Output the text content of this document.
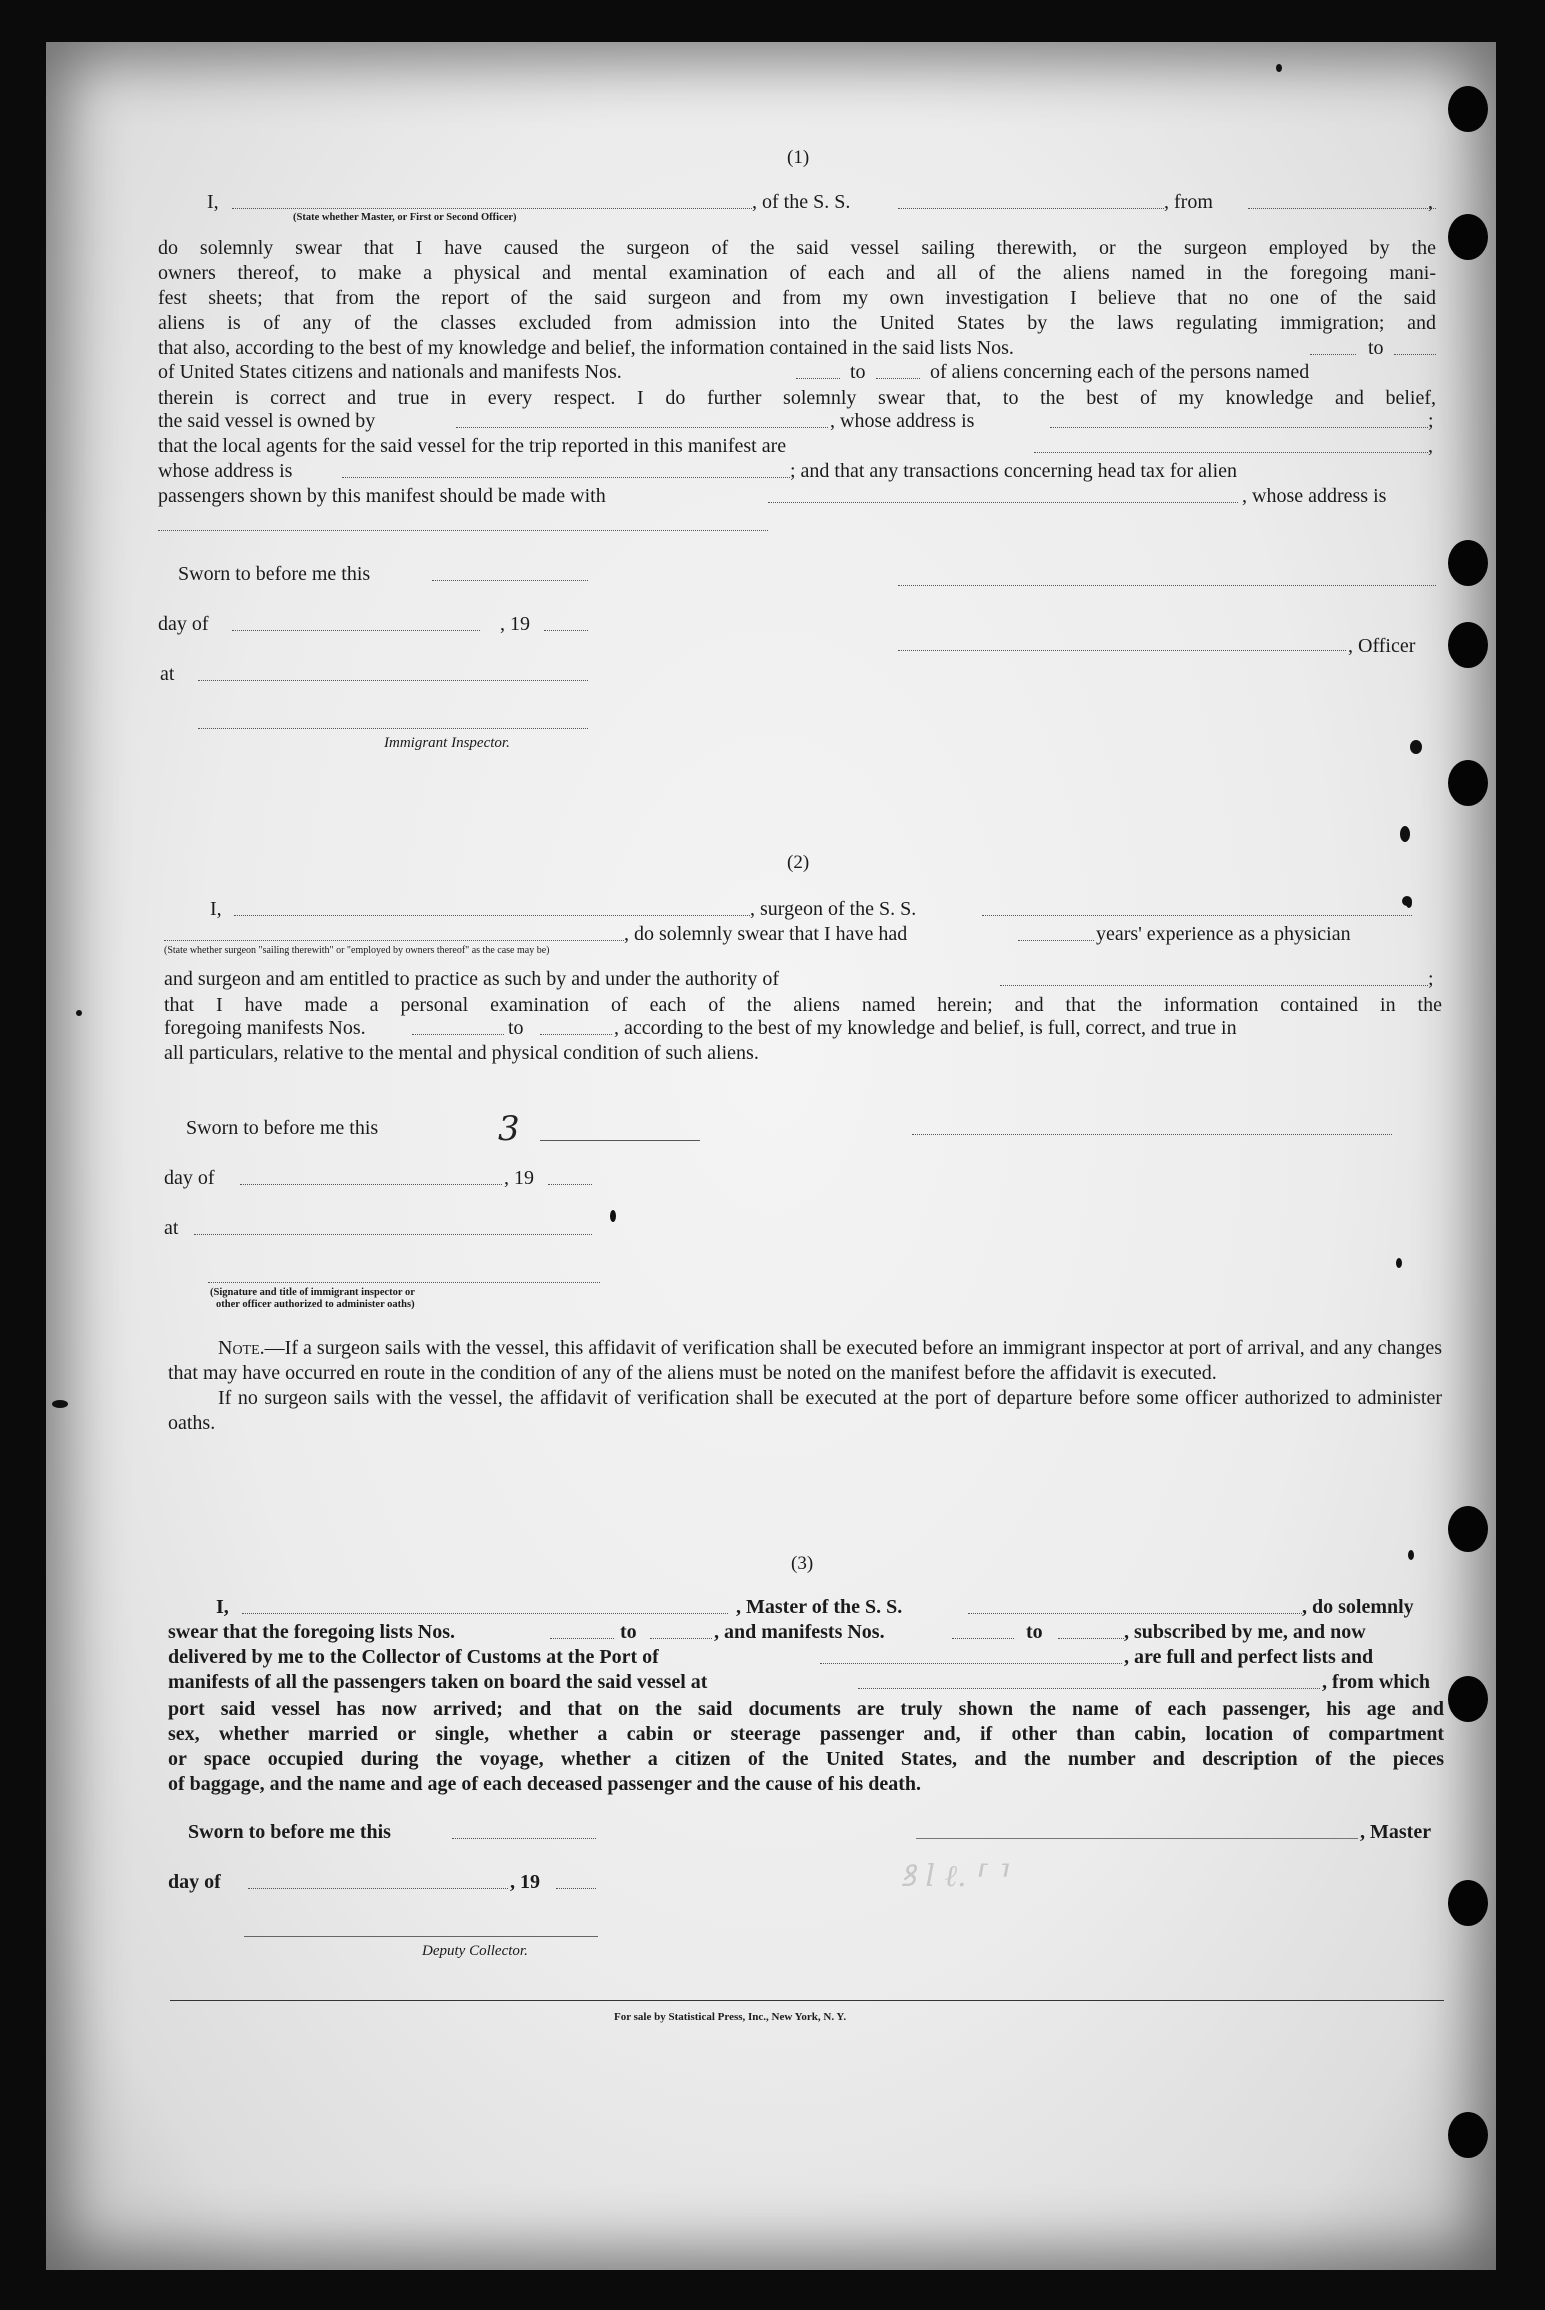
(1)
I,
(State whether Master, or First or Second Officer)
, of the S. S.	, from	,

do solemnly swear that I have caused the surgeon of the said vessel sailing therewith, or the surgeon employed by the

owners thereof, to make a physical and mental examination of each and all of the aliens named in the foregoing mani-

fest sheets; that from the report of the said surgeon and from my own investigation I believe that no one of the said

aliens is of any of the classes excluded from admission into the United States by the laws regulating immigration; and

that also, according to the best of my knowledge and belief, the information contained in the said lists Nos.	to
of United States citizens and nationals and manifests Nos.	to	of aliens concerning each of the persons named

therein is correct and true in every respect. I do further solemnly swear that, to the best of my knowledge and belief,

the said vessel is owned by	, whose address is	;
that the local agents for the said vessel for the trip reported in this manifest are	,
whose address is	; and that any transactions concerning head tax for alien
passengers shown by this manifest should be made with	, whose address is
Sworn to before me this
day of	, 19
, Officer
at
Immigrant Inspector.
(2)
I,	, surgeon of the S. S.
, do solemnly swear that I have had	years' experience as a physician
(State whether surgeon "sailing therewith" or "employed by owners thereof" as the case may be)
and surgeon and am entitled to practice as such by and under the authority of	;

that I have made a personal examination of each of the aliens named herein; and that the information contained in the

foregoing manifests Nos.	to	, according to the best of my knowledge and belief, is full, correct, and true in
all particulars, relative to the mental and physical condition of such aliens.
Sworn to before me this	3
day of	, 19
at
(Signature and title of immigrant inspector or
other officer authorized to administer oaths)

Note.—If a surgeon sails with the vessel, this affidavit of verification shall be executed before an immigrant inspector at port of arrival, and any changes that may have occurred en route in the condition of any of the aliens must be noted on the manifest before the affidavit is executed.

If no surgeon sails with the vessel, the affidavit of verification shall be executed at the port of departure before some officer authorized to administer oaths.

(3)
I,	, Master of the S. S.	, do solemnly
swear that the foregoing lists Nos.	to	, and manifests Nos.	to	, subscribed by me, and now
delivered by me to the Collector of Customs at the Port of	, are full and perfect lists and
manifests of all the passengers taken on board the said vessel at	, from which

port said vessel has now arrived; and that on the said documents are truly shown the name of each passenger, his age and

sex, whether married or single, whether a cabin or steerage passenger and, if other than cabin, location of compartment

or space occupied during the voyage, whether a citizen of the United States, and the number and description of the pieces

of baggage, and the name and age of each deceased passenger and the cause of his death.

Sworn to before me this	, Master
day of	, 19	ꝸ l ℓ. ⸢ ⸣
Deputy Collector.
For sale by Statistical Press, Inc., New York, N. Y.
